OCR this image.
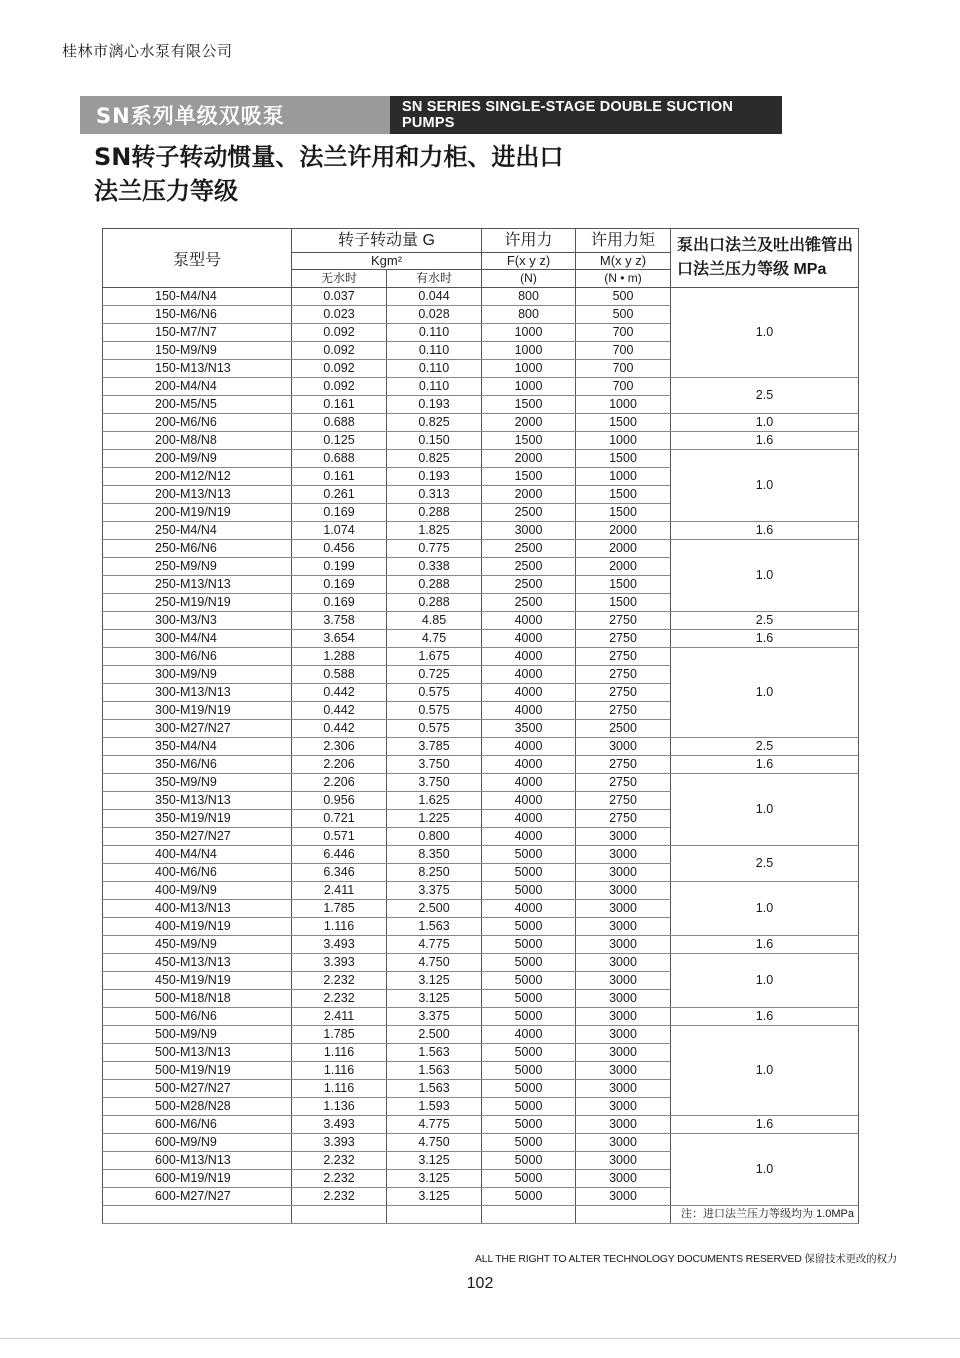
桂林市漓心水泵有限公司
SN系列单级双吸泵	SN SERIES SINGLE-STAGE DOUBLE SUCTION PUMPS
SN转子转动惯量、法兰许用和力柜、进出口
法兰压力等级
泵型号	转子转动量 G		许用力	许用力矩	泵出口法兰及吐出锥管出口法兰压力等级 MPa
	Kgm²		F(x y z)	M(x y z)	
	无水时	有水时	(N)	(N • m)	
150-M4/N4	0.037	0.044	800	500	1.0
150-M6/N6	0.023	0.028	800	500	
150-M7/N7	0.092	0.110	1000	700	
150-M9/N9	0.092	0.110	1000	700	
150-M13/N13	0.092	0.110	1000	700	
200-M4/N4	0.092	0.110	1000	700	2.5
200-M5/N5	0.161	0.193	1500	1000	
200-M6/N6	0.688	0.825	2000	1500	1.0
200-M8/N8	0.125	0.150	1500	1000	1.6
200-M9/N9	0.688	0.825	2000	1500	1.0
200-M12/N12	0.161	0.193	1500	1000	
200-M13/N13	0.261	0.313	2000	1500	
200-M19/N19	0.169	0.288	2500	1500	
250-M4/N4	1.074	1.825	3000	2000	1.6
250-M6/N6	0.456	0.775	2500	2000	1.0
250-M9/N9	0.199	0.338	2500	2000	
250-M13/N13	0.169	0.288	2500	1500	
250-M19/N19	0.169	0.288	2500	1500	
300-M3/N3	3.758	4.85	4000	2750	2.5
300-M4/N4	3.654	4.75	4000	2750	1.6
300-M6/N6	1.288	1.675	4000	2750	1.0
300-M9/N9	0.588	0.725	4000	2750	
300-M13/N13	0.442	0.575	4000	2750	
300-M19/N19	0.442	0.575	4000	2750	
300-M27/N27	0.442	0.575	3500	2500	
350-M4/N4	2.306	3.785	4000	3000	2.5
350-M6/N6	2.206	3.750	4000	2750	1.6
350-M9/N9	2.206	3.750	4000	2750	1.0
350-M13/N13	0.956	1.625	4000	2750	
350-M19/N19	0.721	1.225	4000	2750	
350-M27/N27	0.571	0.800	4000	3000	
400-M4/N4	6.446	8.350	5000	3000	2.5
400-M6/N6	6.346	8.250	5000	3000	
400-M9/N9	2.411	3.375	5000	3000	1.0
400-M13/N13	1.785	2.500	4000	3000	
400-M19/N19	1.116	1.563	5000	3000	
450-M9/N9	3.493	4.775	5000	3000	1.6
450-M13/N13	3.393	4.750	5000	3000	1.0
450-M19/N19	2.232	3.125	5000	3000	
500-M18/N18	2.232	3.125	5000	3000	
500-M6/N6	2.411	3.375	5000	3000	1.6
500-M9/N9	1.785	2.500	4000	3000	1.0
500-M13/N13	1.116	1.563	5000	3000	
500-M19/N19	1.116	1.563	5000	3000	
500-M27/N27	1.116	1.563	5000	3000	
500-M28/N28	1.136	1.593	5000	3000	
600-M6/N6	3.493	4.775	5000	3000	1.6
600-M9/N9	3.393	4.750	5000	3000	1.0
600-M13/N13	2.232	3.125	5000	3000	
600-M19/N19	2.232	3.125	5000	3000	
600-M27/N27	2.232	3.125	5000	3000	
					注：进口法兰压力等级均为 1.0MPa
ALL THE RIGHT TO ALTER TECHNOLOGY DOCUMENTS RESERVED 保留技术更改的权力
102
